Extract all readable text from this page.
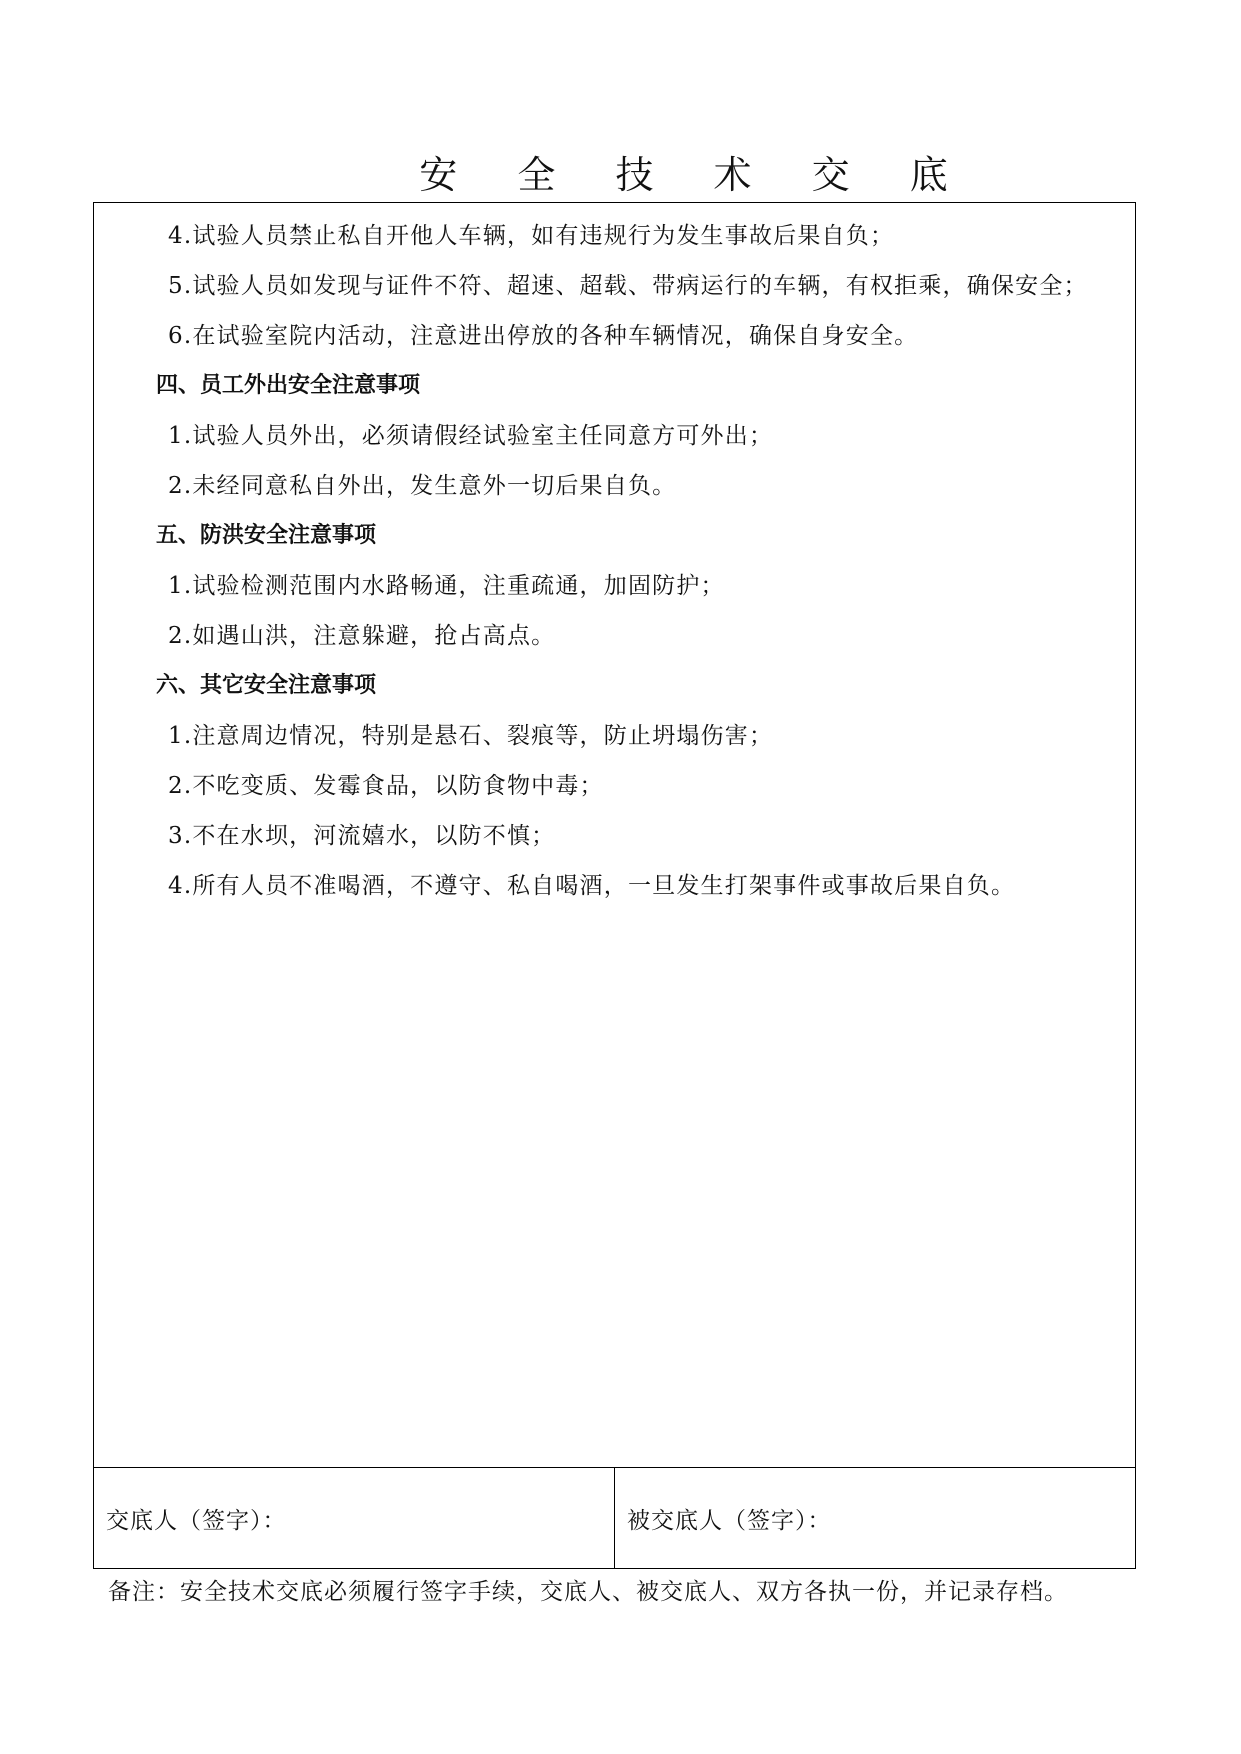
安 全 技 术 交 底
4.试验人员禁止私自开他人车辆，如有违规行为发生事故后果自负；
5.试验人员如发现与证件不符、超速、超载、带病运行的车辆，有权拒乘，确保安全；
6.在试验室院内活动，注意进出停放的各种车辆情况，确保自身安全。
四、员工外出安全注意事项
1.试验人员外出，必须请假经试验室主任同意方可外出；
2.未经同意私自外出，发生意外一切后果自负。
五、防洪安全注意事项
1.试验检测范围内水路畅通，注重疏通，加固防护；
2.如遇山洪，注意躲避，抢占高点。
六、其它安全注意事项
1.注意周边情况，特别是悬石、裂痕等，防止坍塌伤害；
2.不吃变质、发霉食品，以防食物中毒；
3.不在水坝，河流嬉水，以防不慎；
4.所有人员不准喝酒，不遵守、私自喝酒，一旦发生打架事件或事故后果自负。
交底人（签字）：	被交底人（签字）：
备注：安全技术交底必须履行签字手续，交底人、被交底人、双方各执一份，并记录存档。
